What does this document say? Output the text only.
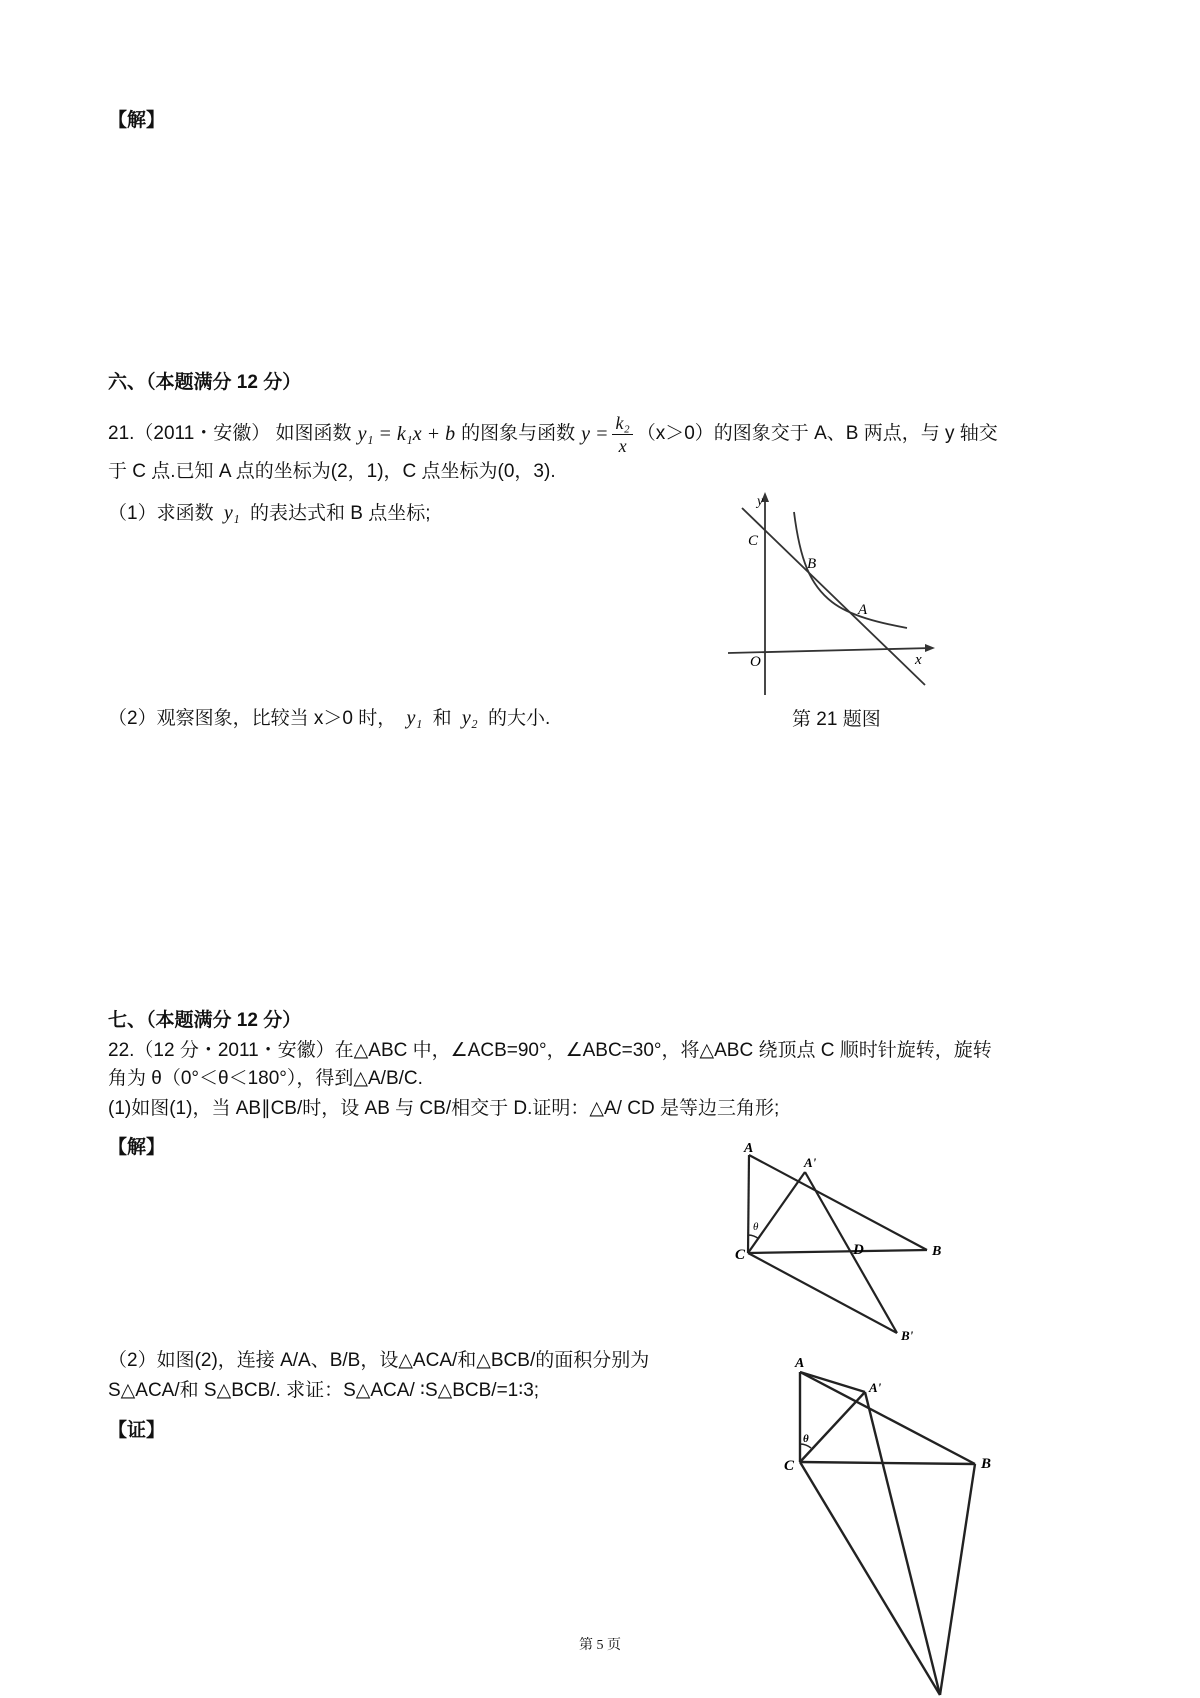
【解】
六、（本题满分 12 分）
21.（2011・安徽） 如图函数 y₁ = k₁x + b 的图象与函数 $y = \frac{\text{k₂}}{x} (x>0)$的图象交于 A、B 两点，与 y 轴交
于 C 点.已知 A 点的坐标为(2，1)，C 点坐标为(0，3).
（1）求函数 y₁ 的表达式和 B 点坐标;
（2）观察图象，比较当 x＞0 时， y₁ 和 y₂ 的大小.
y
x
O
C
B
A
第 21 题图
七、（本题满分 12 分）
22.（12 分・2011・安徽）在△ABC 中，∠ACB=90°，∠ABC=30°，将△ABC 绕顶点 C 顺时针旋转，旋转
角为 θ（0°＜θ＜180°），得到△A/B/C.
(1)如图(1)，当 AB∥CB/时，设 AB 与 CB/相交于 D.证明：△A/ CD 是等边三角形;
【解】	A
A'
θ
C	D	B
B'
（2）如图(2)，连接 A/A、B/B，设△ACA/和△BCB/的面积分别为
S△ACA/和 S△BCB/. 求证：S△ACA/ ∶S△BCB/=1∶3;
【证】
A
A'
θ
C	B
第 5 页
